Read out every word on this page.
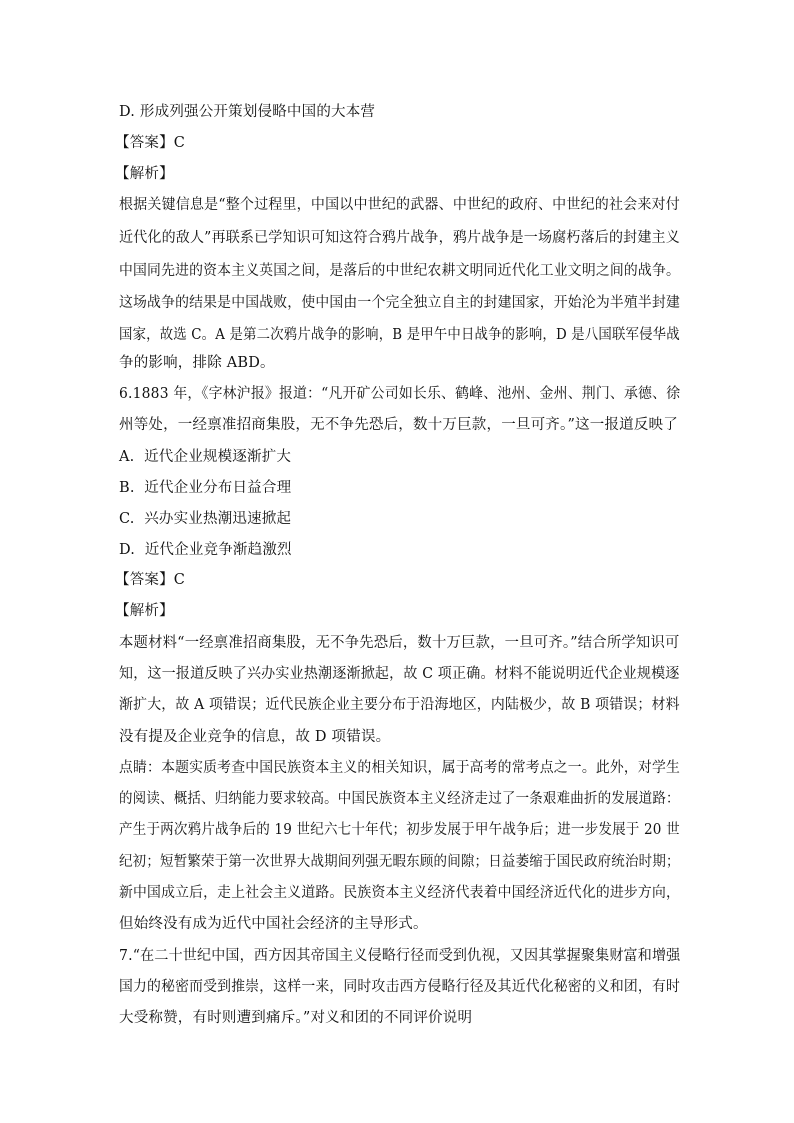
D. 形成列强公开策划侵略中国的大本营
【答案】C
【解析】
根据关键信息是“整个过程里，中国以中世纪的武器、中世纪的政府、中世纪的社会来对付
近代化的敌人”再联系已学知识可知这符合鸦片战争，鸦片战争是一场腐朽落后的封建主义
中国同先进的资本主义英国之间，是落后的中世纪农耕文明同近代化工业文明之间的战争。
这场战争的结果是中国战败，使中国由一个完全独立自主的封建国家，开始沦为半殖半封建
国家，故选 C。A 是第二次鸦片战争的影响，B 是甲午中日战争的影响，D 是八国联军侵华战
争的影响，排除 ABD。
6.1883 年，《字林沪报》报道：“凡开矿公司如长乐、鹤峰、池州、金州、荆门、承德、徐
州等处，一经禀准招商集股，无不争先恐后，数十万巨款，一旦可齐。”这一报道反映了
A.  近代企业规模逐渐扩大
B.  近代企业分布日益合理
C.  兴办实业热潮迅速掀起
D.  近代企业竞争渐趋激烈
【答案】C
【解析】
本题材料“一经禀准招商集股，无不争先恐后，数十万巨款，一旦可齐。”结合所学知识可
知，这一报道反映了兴办实业热潮逐渐掀起，故 C 项正确。材料不能说明近代企业规模逐
渐扩大，故 A 项错误；近代民族企业主要分布于沿海地区，内陆极少，故 B 项错误；材料
没有提及企业竞争的信息，故 D 项错误。
点睛：本题实质考查中国民族资本主义的相关知识，属于高考的常考点之一。此外，对学生
的阅读、概括、归纳能力要求较高。中国民族资本主义经济走过了一条艰难曲折的发展道路：
产生于两次鸦片战争后的 19 世纪六七十年代；初步发展于甲午战争后；进一步发展于 20 世
纪初；短暂繁荣于第一次世界大战期间列强无暇东顾的间隙；日益萎缩于国民政府统治时期；
新中国成立后，走上社会主义道路。民族资本主义经济代表着中国经济近代化的进步方向，
但始终没有成为近代中国社会经济的主导形式。
7.“在二十世纪中国，西方因其帝国主义侵略行径而受到仇视，又因其掌握聚集财富和增强
国力的秘密而受到推崇，这样一来，同时攻击西方侵略行径及其近代化秘密的义和团，有时
大受称赞，有时则遭到痛斥。”对义和团的不同评价说明
